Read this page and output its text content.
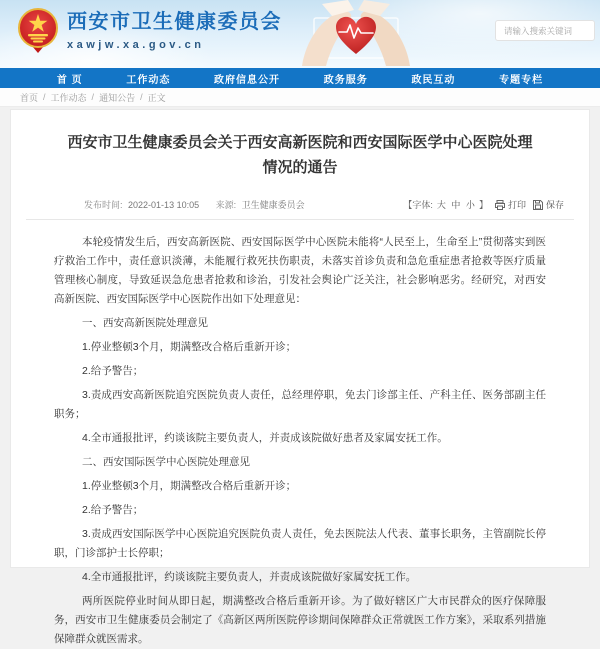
西安市卫生健康委员会
xawjw.xa.gov.cn
请输入搜索关键词
首 页	工作动态	政府信息公开	政务服务	政民互动	专题专栏
首页 / 工作动态 / 通知公告 / 正文
西安市卫生健康委员会关于西安高新医院和西安国际医学中心医院处理情况的通告
发布时间: 2022-01-13 10:05 来源: 卫生健康委员会	【字体: 大 中 小 】 打印 保存

本轮疫情发生后，西安高新医院、西安国际医学中心医院未能将“人民至上，生命至上”贯彻落实到医疗救治工作中，责任意识淡薄，未能履行救死扶伤职责，未落实首诊负责和急危重症患者抢救等医疗质量管理核心制度，导致延误急危患者抢救和诊治，引发社会舆论广泛关注，社会影响恶劣。经研究，对西安高新医院、西安国际医学中心医院作出如下处理意见：

一、西安高新医院处理意见

1.停业整顿3个月，期满整改合格后重新开诊；

2.给予警告；

3.责成西安高新医院追究医院负责人责任，总经理停职，免去门诊部主任、产科主任、医务部副主任职务；

4.全市通报批评，约谈该院主要负责人，并责成该院做好患者及家属安抚工作。

二、西安国际医学中心医院处理意见

1.停业整顿3个月，期满整改合格后重新开诊；

2.给予警告；

3.责成西安国际医学中心医院追究医院负责人责任，免去医院法人代表、董事长职务，主管副院长停职，门诊部护士长停职；

4.全市通报批评，约谈该院主要负责人，并责成该院做好家属安抚工作。

两所医院停业时间从即日起，期满整改合格后重新开诊。为了做好辖区广大市民群众的医疗保障服务，西安市卫生健康委员会制定了《高新区两所医院停诊期间保障群众正常就医工作方案》，采取系列措施保障群众就医需求。
